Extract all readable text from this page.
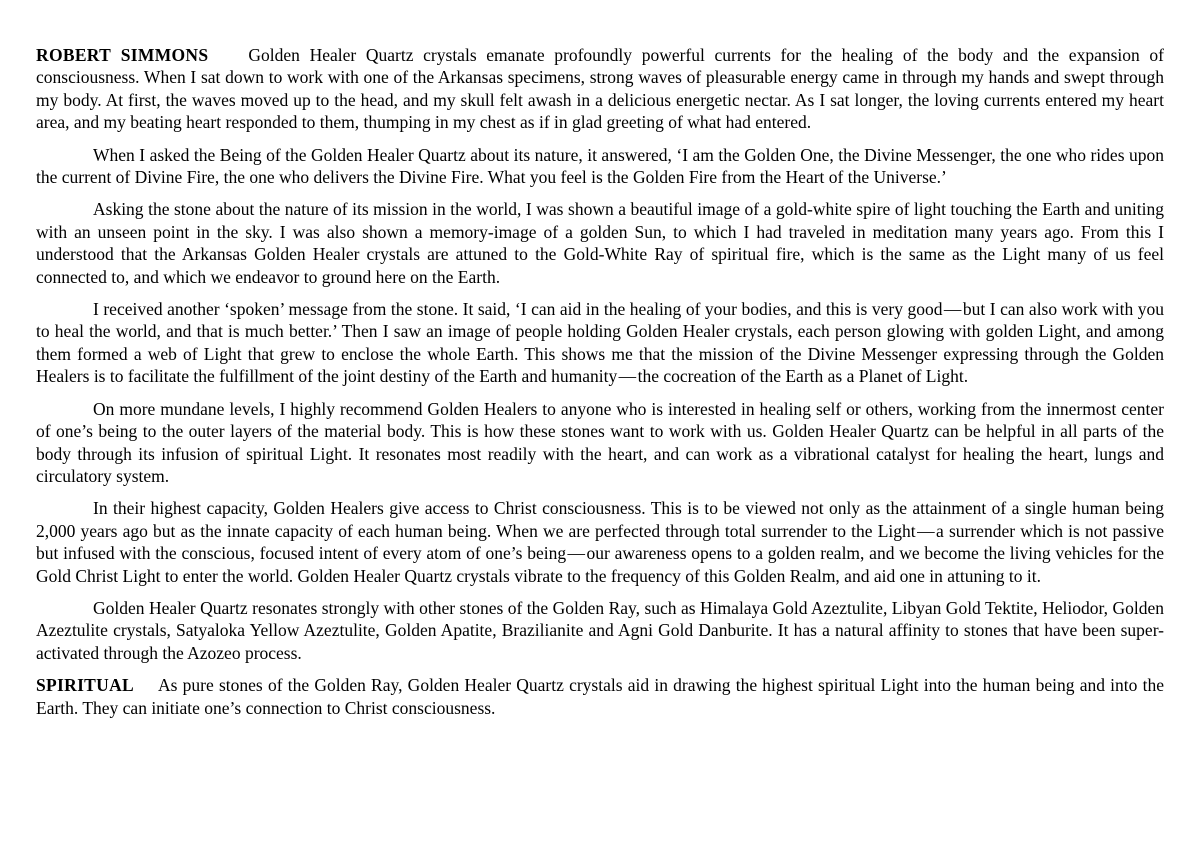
ROBERT SIMMONS Golden Healer Quartz crystals emanate profoundly powerful currents for the healing of the body and the expansion of consciousness. When I sat down to work with one of the Arkansas specimens, strong waves of pleasurable energy came in through my hands and swept through my body. At first, the waves moved up to the head, and my skull felt awash in a delicious energetic nectar. As I sat longer, the loving currents entered my heart area, and my beating heart responded to them, thumping in my chest as if in glad greeting of what had entered.

When I asked the Being of the Golden Healer Quartz about its nature, it answered, ‘I am the Golden One, the Divine Messenger, the one who rides upon the current of Divine Fire, the one who delivers the Divine Fire. What you feel is the Golden Fire from the Heart of the Universe.’

Asking the stone about the nature of its mission in the world, I was shown a beautiful image of a gold-white spire of light touching the Earth and uniting with an unseen point in the sky. I was also shown a memory-image of a golden Sun, to which I had traveled in meditation many years ago. From this I understood that the Arkansas Golden Healer crystals are attuned to the Gold-White Ray of spiritual fire, which is the same as the Light many of us feel connected to, and which we endeavor to ground here on the Earth.

I received another ‘spoken’ message from the stone. It said, ‘I can aid in the healing of your bodies, and this is very good — but I can also work with you to heal the world, and that is much better.’ Then I saw an image of people holding Golden Healer crystals, each person glowing with golden Light, and among them formed a web of Light that grew to enclose the whole Earth. This shows me that the mission of the Divine Messenger expressing through the Golden Healers is to facilitate the fulfillment of the joint destiny of the Earth and humanity — the cocreation of the Earth as a Planet of Light.

On more mundane levels, I highly recommend Golden Healers to anyone who is interested in healing self or others, working from the innermost center of one’s being to the outer layers of the material body. This is how these stones want to work with us. Golden Healer Quartz can be helpful in all parts of the body through its infusion of spiritual Light. It resonates most readily with the heart, and can work as a vibrational catalyst for healing the heart, lungs and circulatory system.

In their highest capacity, Golden Healers give access to Christ consciousness. This is to be viewed not only as the attainment of a single human being 2,000 years ago but as the innate capacity of each human being. When we are perfected through total surrender to the Light — a surrender which is not passive but infused with the conscious, focused intent of every atom of one’s being — our awareness opens to a golden realm, and we become the living vehicles for the Gold Christ Light to enter the world. Golden Healer Quartz crystals vibrate to the frequency of this Golden Realm, and aid one in attuning to it.

Golden Healer Quartz resonates strongly with other stones of the Golden Ray, such as Himalaya Gold Azeztulite, Libyan Gold Tektite, Heliodor, Golden Azeztulite crystals, Satyaloka Yellow Azeztulite, Golden Apatite, Brazilianite and Agni Gold Danburite. It has a natural affinity to stones that have been super-activated through the Azozeo process.

SPIRITUAL As pure stones of the Golden Ray, Golden Healer Quartz crystals aid in drawing the highest spiritual Light into the human being and into the Earth. They can initiate one’s connection to Christ consciousness.
